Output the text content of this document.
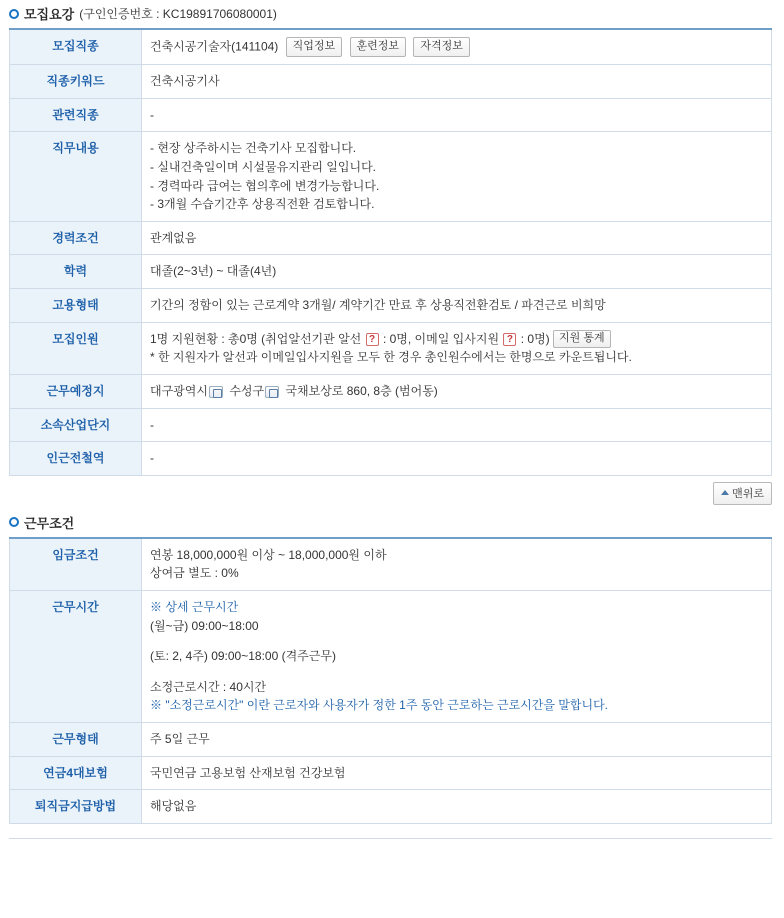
모집요강 (구인인증번호 : KC19891706080001)
모집직종	건축시공기술자(141104) 직업정보 훈련정보 자격정보
직종키워드	건축시공기사
관련직종	-
직무내용	- 현장 상주하시는 건축기사 모집합니다.
- 실내건축일이며 시설물유지관리 일입니다.
- 경력따라 급여는 협의후에 변경가능합니다.
- 3개월 수습기간후 상용직전환 검토합니다.

경력조건	관계없음
학력	대졸(2~3년) ~ 대졸(4년)
고용형태	기간의 정함이 있는 근로계약 3개월/ 계약기간 만료 후 상용직전환검토 / 파견근로 비희망
모집인원	1명 지원현황 : 총0명 (취업알선기관 알선 ? : 0명, 이메일 입사지원 ? : 0명) 지원 통계
* 한 지원자가 알선과 이메일입사지원을 모두 한 경우 총인원수에서는 한명으로 카운트됩니다.

근무예정지	대구광역시 수성구 국채보상로 860, 8층 (범어동)
소속산업단지	-
인근전철역	-
맨위로
근무조건
임금조건	연봉 18,000,000원 이상 ~ 18,000,000원 이하
상여금 별도 : 0%

근무시간	※ 상세 근무시간
(월~금) 09:00~18:00
(토: 2, 4주) 09:00~18:00 (격주근무)
소정근로시간 : 40시간
※ "소정근로시간" 이란 근로자와 사용자가 정한 1주 동안 근로하는 근로시간을 말합니다.

근무형태	주 5일 근무
연금4대보험	국민연금 고용보험 산재보험 건강보험
퇴직금지급방법	해당없음
